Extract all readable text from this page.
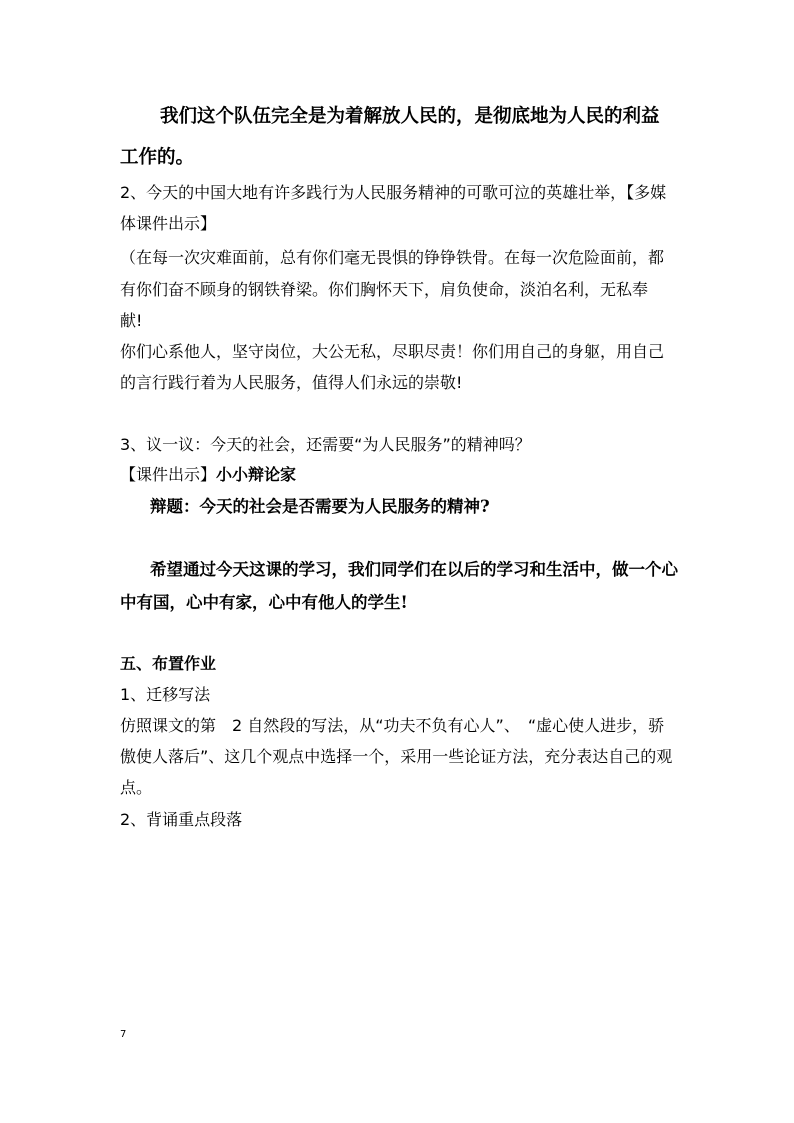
我们这个队伍完全是为着解放人民的，是彻底地为人民的利益
工作的。
2、今天的中国大地有许多践行为人民服务精神的可歌可泣的英雄壮举，【多媒
体课件出示】
（在每一次灾难面前，总有你们毫无畏惧的铮铮铁骨。在每一次危险面前，都
有你们奋不顾身的钢铁脊梁。你们胸怀天下，肩负使命，淡泊名利，无私奉
献!
你们心系他人，坚守岗位，大公无私，尽职尽责！你们用自己的身躯，用自己
的言行践行着为人民服务，值得人们永远的崇敬!
3、议一议：今天的社会，还需要“为人民服务”的精神吗？
【课件出示】小小辩论家
辩题：今天的社会是否需要为人民服务的精神?
希望通过今天这课的学习，我们同学们在以后的学习和生活中，做一个心
中有国，心中有家，心中有他人的学生!
五、布置作业
1、迁移写法
仿照课文的第　2 自然段的写法，从“功夫不负有心人”、　“虚心使人进步，骄
傲使人落后”、这几个观点中选择一个，采用一些论证方法，充分表达自己的观
点。
2、背诵重点段落
7
